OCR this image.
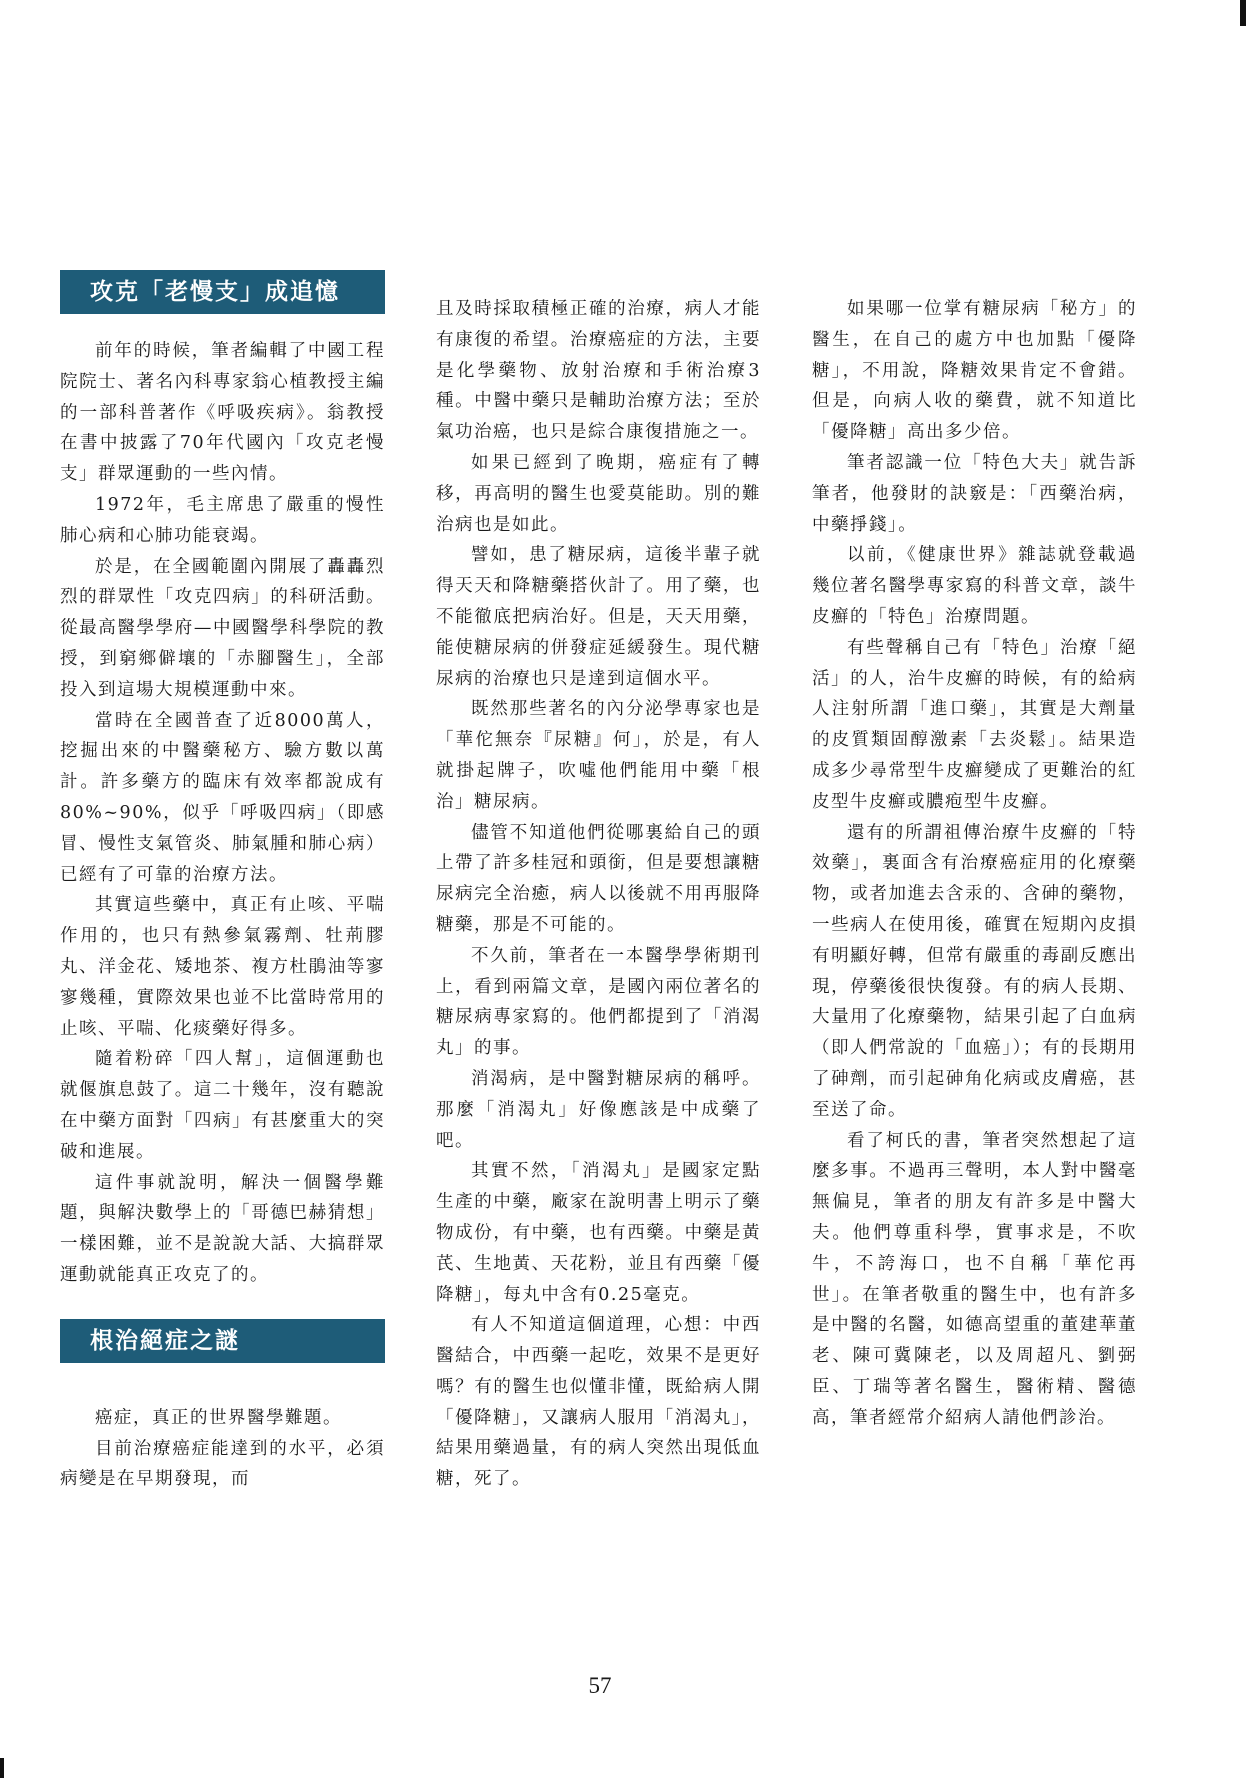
攻克「老慢支」成追憶

前年的時候，筆者編輯了中國工程院院士、著名內科專家翁心植教授主編的一部科普著作《呼吸疾病》。翁教授在書中披露了70年代國內「攻克老慢支」群眾運動的一些內情。

1972年，毛主席患了嚴重的慢性肺心病和心肺功能衰竭。

於是，在全國範圍內開展了轟轟烈烈的群眾性「攻克四病」的科研活動。從最高醫學學府—中國醫學科學院的教授，到窮鄉僻壤的「赤腳醫生」，全部投入到這場大規模運動中來。

當時在全國普查了近8000萬人，挖掘出來的中醫藥秘方、驗方數以萬計。許多藥方的臨床有效率都說成有80%~90%，似乎「呼吸四病」（即感冒、慢性支氣管炎、肺氣腫和肺心病）已經有了可靠的治療方法。

其實這些藥中，真正有止咳、平喘作用的，也只有熱參氣霧劑、牡荊膠丸、洋金花、矮地茶、複方杜鵑油等寥寥幾種，實際效果也並不比當時常用的止咳、平喘、化痰藥好得多。

隨着粉碎「四人幫」，這個運動也就偃旗息鼓了。這二十幾年，沒有聽說在中藥方面對「四病」有甚麼重大的突破和進展。

這件事就說明，解決一個醫學難題，與解決數學上的「哥德巴赫猜想」一樣困難，並不是說說大話、大搞群眾運動就能真正攻克了的。

根治絕症之謎

癌症，真正的世界醫學難題。

目前治療癌症能達到的水平，必須病變是在早期發現，而

且及時採取積極正確的治療，病人才能有康復的希望。治療癌症的方法，主要是化學藥物、放射治療和手術治療3種。中醫中藥只是輔助治療方法；至於氣功治癌，也只是綜合康復措施之一。

如果已經到了晚期，癌症有了轉移，再高明的醫生也愛莫能助。別的難治病也是如此。

譬如，患了糖尿病，這後半輩子就得天天和降糖藥搭伙計了。用了藥，也不能徹底把病治好。但是，天天用藥，能使糖尿病的併發症延緩發生。現代糖尿病的治療也只是達到這個水平。

既然那些著名的內分泌學專家也是「華佗無奈『尿糖』何」，於是，有人就掛起牌子，吹噓他們能用中藥「根治」糖尿病。

儘管不知道他們從哪裏給自己的頭上帶了許多桂冠和頭銜，但是要想讓糖尿病完全治癒，病人以後就不用再服降糖藥，那是不可能的。

不久前，筆者在一本醫學學術期刊上，看到兩篇文章，是國內兩位著名的糖尿病專家寫的。他們都提到了「消渴丸」的事。

消渴病，是中醫對糖尿病的稱呼。那麼「消渴丸」好像應該是中成藥了吧。

其實不然，「消渴丸」是國家定點生產的中藥，廠家在說明書上明示了藥物成份，有中藥，也有西藥。中藥是黃芪、生地黃、天花粉，並且有西藥「優降糖」，每丸中含有0.25毫克。

有人不知道這個道理，心想：中西醫結合，中西藥一起吃，效果不是更好嗎？有的醫生也似懂非懂，既給病人開「優降糖」，又讓病人服用「消渴丸」，結果用藥過量，有的病人突然出現低血糖，死了。

如果哪一位掌有糖尿病「秘方」的醫生，在自己的處方中也加點「優降糖」，不用說，降糖效果肯定不會錯。但是，向病人收的藥費，就不知道比「優降糖」高出多少倍。

筆者認識一位「特色大夫」就告訴筆者，他發財的訣竅是：「西藥治病，中藥掙錢」。

以前，《健康世界》雜誌就登載過幾位著名醫學專家寫的科普文章，談牛皮癬的「特色」治療問題。

有些聲稱自己有「特色」治療「絕活」的人，治牛皮癬的時候，有的給病人注射所謂「進口藥」，其實是大劑量的皮質類固醇激素「去炎鬆」。結果造成多少尋常型牛皮癬變成了更難治的紅皮型牛皮癬或膿疱型牛皮癬。

還有的所謂祖傳治療牛皮癬的「特效藥」，裏面含有治療癌症用的化療藥物，或者加進去含汞的、含砷的藥物，一些病人在使用後，確實在短期內皮損有明顯好轉，但常有嚴重的毒副反應出現，停藥後很快復發。有的病人長期、大量用了化療藥物，結果引起了白血病（即人們常說的「血癌」）；有的長期用了砷劑，而引起砷角化病或皮膚癌，甚至送了命。

看了柯氏的書，筆者突然想起了這麼多事。不過再三聲明，本人對中醫毫無偏見，筆者的朋友有許多是中醫大夫。他們尊重科學，實事求是，不吹牛，不誇海口，也不自稱「華佗再世」。在筆者敬重的醫生中，也有許多是中醫的名醫，如德高望重的董建華董老、陳可冀陳老，以及周超凡、劉弼臣、丁瑞等著名醫生，醫術精、醫德高，筆者經常介紹病人請他們診治。

57
